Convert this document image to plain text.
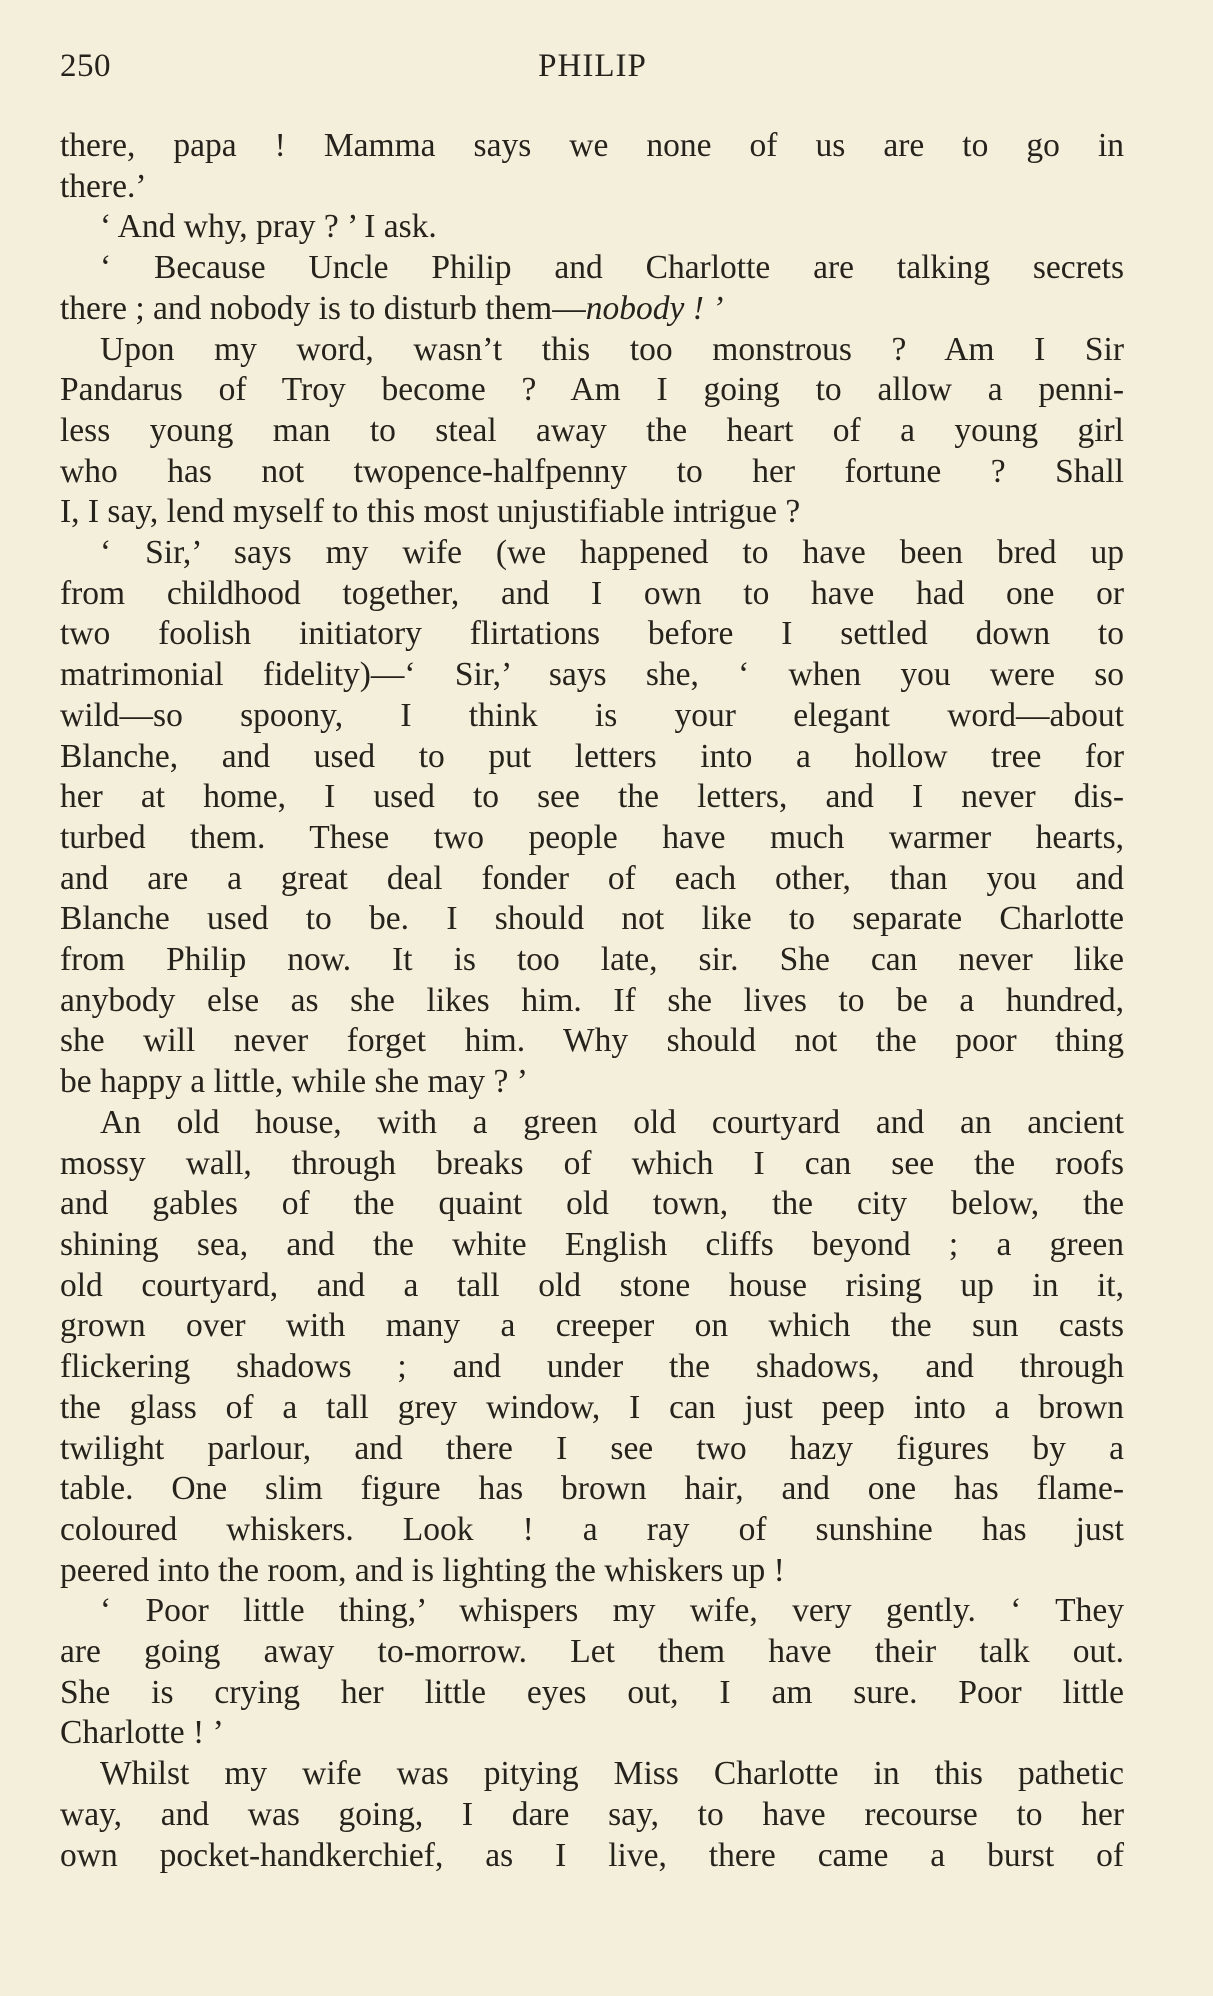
250	PHILIP
there, papa ! Mamma says we none of us are to go in
there.’
‘ And why, pray ? ’ I ask.
‘ Because Uncle Philip and Charlotte are talking secrets
there ; and nobody is to disturb them—nobody ! ’
Upon my word, wasn’t this too monstrous ? Am I Sir
Pandarus of Troy become ? Am I going to allow a penni-
less young man to steal away the heart of a young girl
who has not twopence-halfpenny to her fortune ? Shall
I, I say, lend myself to this most unjustifiable intrigue ?
‘ Sir,’ says my wife (we happened to have been bred up
from childhood together, and I own to have had one or
two foolish initiatory flirtations before I settled down to
matrimonial fidelity)—‘ Sir,’ says she, ‘ when you were so
wild—so spoony, I think is your elegant word—about
Blanche, and used to put letters into a hollow tree for
her at home, I used to see the letters, and I never dis-
turbed them. These two people have much warmer hearts,
and are a great deal fonder of each other, than you and
Blanche used to be. I should not like to separate Charlotte
from Philip now. It is too late, sir. She can never like
anybody else as she likes him. If she lives to be a hundred,
she will never forget him. Why should not the poor thing
be happy a little, while she may ? ’
An old house, with a green old courtyard and an ancient
mossy wall, through breaks of which I can see the roofs
and gables of the quaint old town, the city below, the
shining sea, and the white English cliffs beyond ; a green
old courtyard, and a tall old stone house rising up in it,
grown over with many a creeper on which the sun casts
flickering shadows ; and under the shadows, and through
the glass of a tall grey window, I can just peep into a brown
twilight parlour, and there I see two hazy figures by a
table. One slim figure has brown hair, and one has flame-
coloured whiskers. Look ! a ray of sunshine has just
peered into the room, and is lighting the whiskers up !
‘ Poor little thing,’ whispers my wife, very gently. ‘ They
are going away to-morrow. Let them have their talk out.
She is crying her little eyes out, I am sure. Poor little
Charlotte ! ’
Whilst my wife was pitying Miss Charlotte in this pathetic
way, and was going, I dare say, to have recourse to her
own pocket-handkerchief, as I live, there came a burst of
